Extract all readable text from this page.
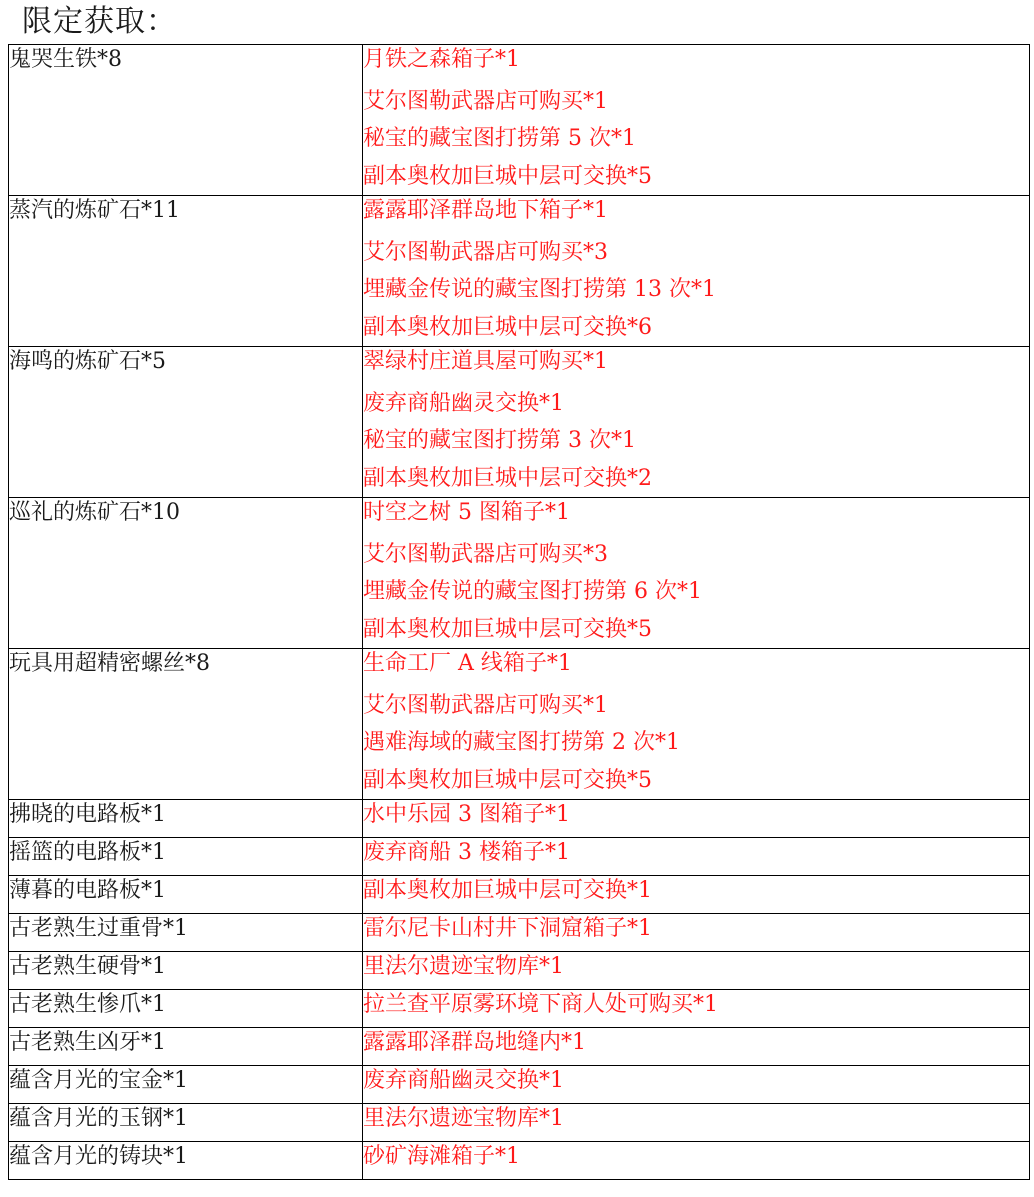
限定获取：
鬼哭生铁*8	月铁之森箱子*1
艾尔图勒武器店可购买*1
秘宝的藏宝图打捞第 5 次*1
副本奥枚加巨城中层可交换*5

蒸汽的炼矿石*11	露露耶泽群岛地下箱子*1
艾尔图勒武器店可购买*3
埋藏金传说的藏宝图打捞第 13 次*1
副本奥枚加巨城中层可交换*6

海鸣的炼矿石*5	翠绿村庄道具屋可购买*1
废弃商船幽灵交换*1
秘宝的藏宝图打捞第 3 次*1
副本奥枚加巨城中层可交换*2

巡礼的炼矿石*10	时空之树 5 图箱子*1
艾尔图勒武器店可购买*3
埋藏金传说的藏宝图打捞第 6 次*1
副本奥枚加巨城中层可交换*5

玩具用超精密螺丝*8	生命工厂 A 线箱子*1
艾尔图勒武器店可购买*1
遇难海域的藏宝图打捞第 2 次*1
副本奥枚加巨城中层可交换*5

拂晓的电路板*1	水中乐园 3 图箱子*1

摇篮的电路板*1	废弃商船 3 楼箱子*1

薄暮的电路板*1	副本奥枚加巨城中层可交换*1

古老熟生过重骨*1	雷尔尼卡山村井下洞窟箱子*1

古老熟生硬骨*1	里法尔遗迹宝物库*1

古老熟生惨爪*1	拉兰查平原雾环境下商人处可购买*1

古老熟生凶牙*1	露露耶泽群岛地缝内*1

蕴含月光的宝金*1	废弃商船幽灵交换*1

蕴含月光的玉钢*1	里法尔遗迹宝物库*1

蕴含月光的铸块*1	砂矿海滩箱子*1
